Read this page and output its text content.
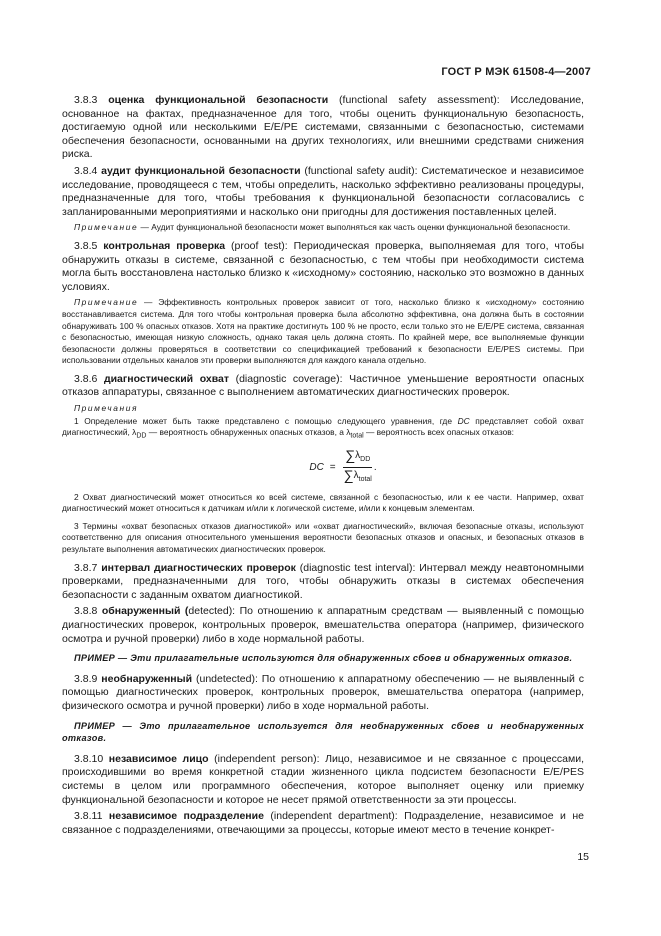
ГОСТ Р МЭК 61508-4—2007

3.8.3 оценка функциональной безопасности (functional safety assessment): Исследование, основанное на фактах, предназначенное для того, чтобы оценить функциональную безопасность, достигаемую одной или несколькими Е/Е/РЕ системами, связанными с безопасностью, системами обеспечения безопасности, основанными на других технологиях, или внешними средствами снижения риска.

3.8.4 аудит функциональной безопасности (functional safety audit): Систематическое и независимое исследование, проводящееся с тем, чтобы определить, насколько эффективно реализованы процедуры, предназначенные для того, чтобы требования к функциональной безопасности согласовались с запланированными мероприятиями и насколько они пригодны для достижения поставленных целей.

Примечание — Аудит функциональной безопасности может выполняться как часть оценки функциональной безопасности.

3.8.5 контрольная проверка (proof test): Периодическая проверка, выполняемая для того, чтобы обнаружить отказы в системе, связанной с безопасностью, с тем чтобы при необходимости система могла быть восстановлена настолько близко к «исходному» состоянию, насколько это возможно в данных условиях.

Примечание — Эффективность контрольных проверок зависит от того, насколько близко к «исходному» состоянию восстанавливается система. Для того чтобы контрольная проверка была абсолютно эффективна, она должна быть в состоянии обнаруживать 100 % опасных отказов. Хотя на практике достигнуть 100 % не просто, если только это не Е/Е/РЕ система, связанная с безопасностью, имеющая низкую сложность, однако такая цель должна стоять. По крайней мере, все выполняемые функции безопасности должны проверяться в соответствии со спецификацией требований к безопасности Е/Е/РЕS системы. При использовании отдельных каналов эти проверки выполняются для каждого канала отдельно.

3.8.6 диагностический охват (diagnostic coverage): Частичное уменьшение вероятности опасных отказов аппаратуры, связанное с выполнением автоматических диагностических проверок.

Примечания

1 Определение может быть также представлено с помощью следующего уравнения, где DC представляет собой охват диагностический, $\lambda_{DD}$ — вероятность обнаруженных опасных отказов, а $\lambda_{total}$ — вероятность всех опасных отказов:

DC = $\frac{\sum\lambda_{DD}}{\sum\lambda_{total}}$ .

2 Охват диагностический может относиться ко всей системе, связанной с безопасностью, или к ее части. Например, охват диагностический может относиться к датчикам и/или к логической системе, и/или к концевым элементам.

3 Термины «охват безопасных отказов диагностикой» или «охват диагностический», включая безопасные отказы, используют соответственно для описания относительного уменьшения вероятности безопасных отказов и опасных, и безопасных отказов в результате выполнения автоматических диагностических проверок.

3.8.7 интервал диагностических проверок (diagnostic test interval): Интервал между неавтономными проверками, предназначенными для того, чтобы обнаружить отказы в системах обеспечения безопасности с заданным охватом диагностикой.

3.8.8 обнаруженный (detected): По отношению к аппаратным средствам — выявленный с помощью диагностических проверок, контрольных проверок, вмешательства оператора (например, физического осмотра и ручной проверки) либо в ходе нормальной работы.

ПРИМЕР — Эти прилагательные используются для обнаруженных сбоев и обнаруженных отказов.

3.8.9 необнаруженный (undetected): По отношению к аппаратному обеспечению — не выявленный с помощью диагностических проверок, контрольных проверок, вмешательства оператора (например, физического осмотра и ручной проверки) либо в ходе нормальной работы.

ПРИМЕР — Это прилагательное используется для необнаруженных сбоев и необнаруженных отказов.

3.8.10 независимое лицо (independent person): Лицо, независимое и не связанное с процессами, происходившими во время конкретной стадии жизненного цикла подсистем безопасности Е/Е/РЕS системы в целом или программного обеспечения, которое выполняет оценку или приемку функциональной безопасности и которое не несет прямой ответственности за эти процессы.

3.8.11 независимое подразделение (independent department): Подразделение, независимое и не связанное с подразделениями, отвечающими за процессы, которые имеют место в течение конкрет-

15
